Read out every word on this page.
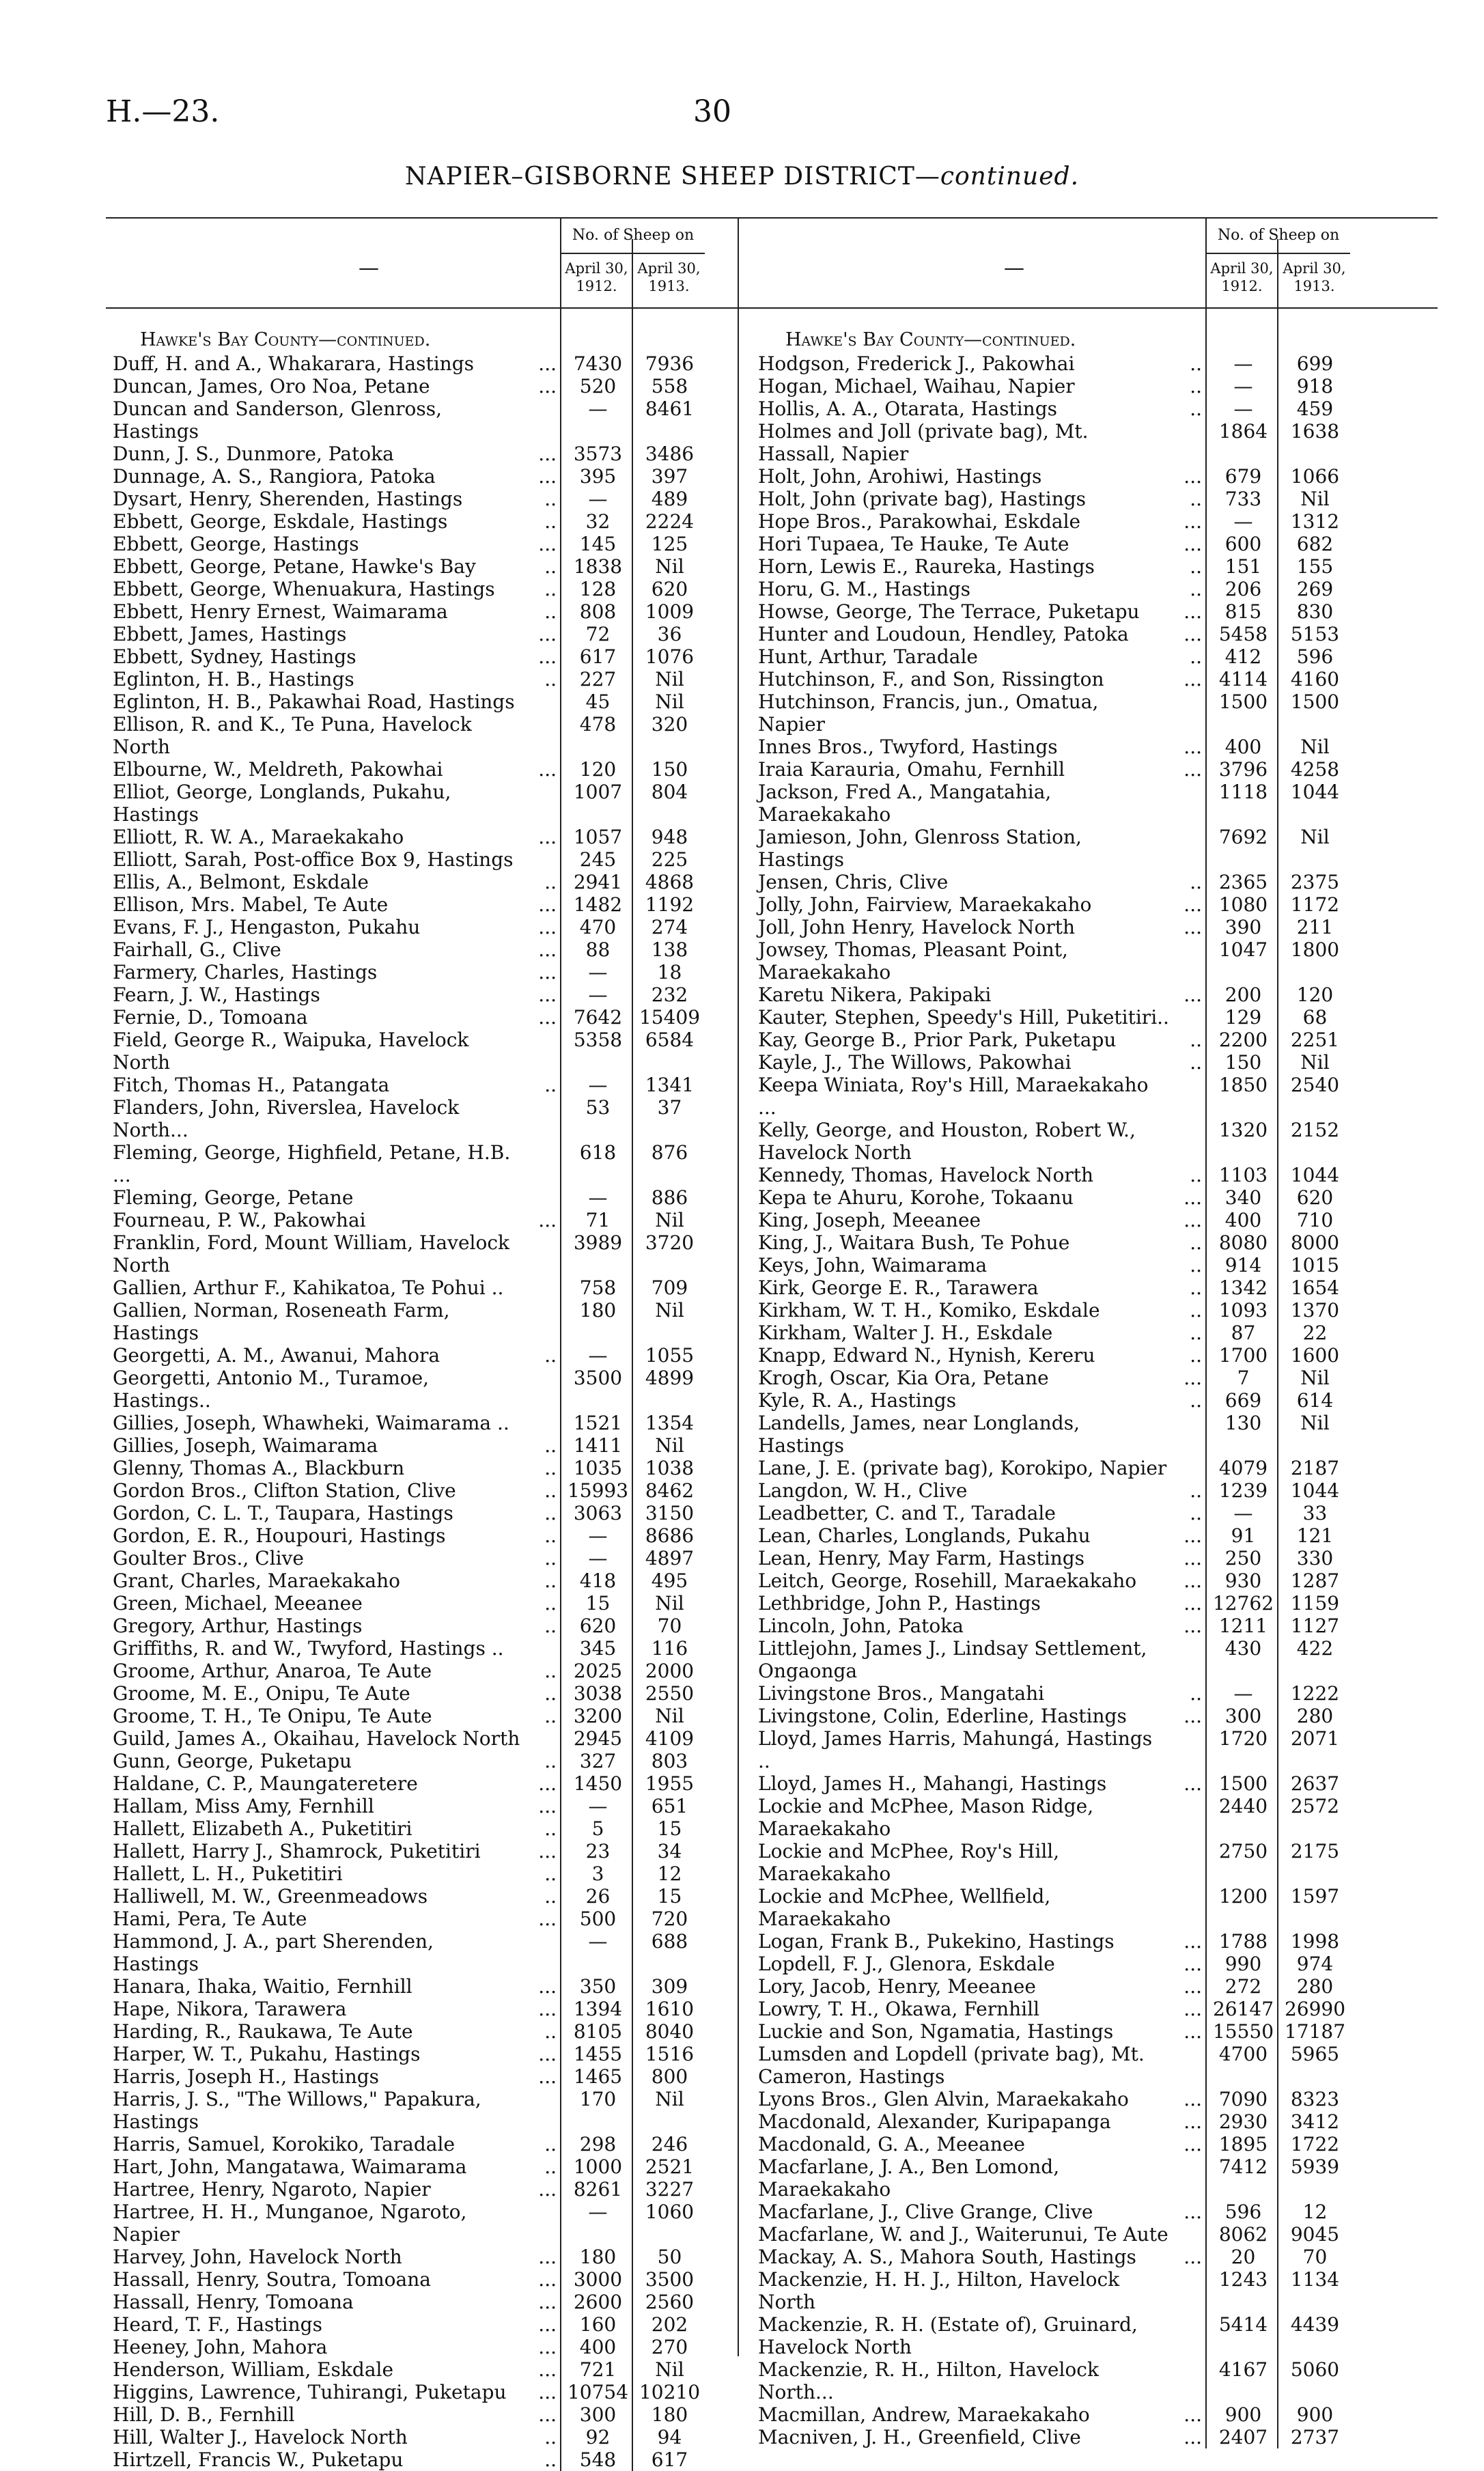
H.—23.	30
NAPIER–GISBORNE SHEEP DISTRICT—continued.
—
No. of Sheep on
April 30, 1912.
April 30, 1913.
Hawke's Bay County—continued.
Duff, H. and A., Whakarara, Hastings	... 7430	7936
Duncan, James, Oro Noa, Petane	...	520	558
Duncan and Sanderson, Glenross, Hastings
—	8461
Dunn, J. S., Dunmore, Patoka	... 3573	3486
Dunnage, A. S., Rangiora, Patoka	...	395	397
Dysart, Henry, Sherenden, Hastings	..	—	489
Ebbett, George, Eskdale, Hastings	..	32	2224
Ebbett, George, Hastings	...	145	125
Ebbett, George, Petane, Hawke's Bay	.. 1838	Nil
Ebbett, George, Whenuakura, Hastings	..	128	620
Ebbett, Henry Ernest, Waimarama	..	808	1009
Ebbett, James, Hastings	...	72	36
Ebbett, Sydney, Hastings	...	617	1076
Eglinton, H. B., Hastings	..	227	Nil
Eglinton, H. B., Pakawhai Road, Hastings	45	Nil
Ellison, R. and K., Te Puna, Havelock North
478	320
Elbourne, W., Meldreth, Pakowhai	...	120	150
Elliot, George, Longlands, Pukahu, Hastings
1007	804
Elliott, R. W. A., Maraekakaho	... 1057	948
Elliott, Sarah, Post-office Box 9, Hastings	245	225
Ellis, A., Belmont, Eskdale	.. 2941	4868
Ellison, Mrs. Mabel, Te Aute	... 1482	1192
Evans, F. J., Hengaston, Pukahu	...	470	274
Fairhall, G., Clive	...	88	138
Farmery, Charles, Hastings	...	—	18
Fearn, J. W., Hastings	...	—	232
Fernie, D., Tomoana	... 7642 15409
Field, George R., Waipuka, Havelock North
5358	6584
Fitch, Thomas H., Patangata	..	—	1341
Flanders, John, Riverslea, Havelock North...
53	37
Fleming, George, Highfield, Petane, H.B. ...
618	876
Fleming, George, Petane	—	886
Fourneau, P. W., Pakowhai	...	71	Nil
Franklin, Ford, Mount William, Havelock North
3989	3720
Gallien, Arthur F., Kahikatoa, Te Pohui ..	758	709
Gallien, Norman, Roseneath Farm, Hastings
180	Nil
Georgetti, A. M., Awanui, Mahora	..	—	1055
Georgetti, Antonio M., Turamoe, Hastings..
3500	4899
Gillies, Joseph, Whawheki, Waimarama ..	1521	1354
Gillies, Joseph, Waimarama	.. 1411	Nil
Glenny, Thomas A., Blackburn	.. 1035	1038
Gordon Bros., Clifton Station, Clive	.. 15993 8462
Gordon, C. L. T., Taupara, Hastings	.. 3063	3150
Gordon, E. R., Houpouri, Hastings	..	—	8686
Goulter Bros., Clive	..	—	4897
Grant, Charles, Maraekakaho	..	418	495
Green, Michael, Meeanee	..	15	Nil
Gregory, Arthur, Hastings	..	620	70
Griffiths, R. and W., Twyford, Hastings ..	345	116
Groome, Arthur, Anaroa, Te Aute	.. 2025	2000
Groome, M. E., Onipu, Te Aute	.. 3038	2550
Groome, T. H., Te Onipu, Te Aute	.. 3200	Nil
Guild, James A., Okaihau, Havelock North	2945	4109
Gunn, George, Puketapu	..	327	803
Haldane, C. P., Maungateretere	... 1450	1955
Hallam, Miss Amy, Fernhill	...	—	651
Hallett, Elizabeth A., Puketitiri	..	5	15
Hallett, Harry J., Shamrock, Puketitiri	...	23	34
Hallett, L. H., Puketitiri	..	3	12
Halliwell, M. W., Greenmeadows	..	26	15
Hami, Pera, Te Aute	...	500	720
Hammond, J. A., part Sherenden, Hastings
—	688
Hanara, Ihaka, Waitio, Fernhill	...	350	309
Hape, Nikora, Tarawera	... 1394	1610
Harding, R., Raukawa, Te Aute	.. 8105	8040
Harper, W. T., Pukahu, Hastings	... 1455	1516
Harris, Joseph H., Hastings	... 1465	800
Harris, J. S., "The Willows," Papakura, Hastings
170	Nil
Harris, Samuel, Korokiko, Taradale	..	298	246
Hart, John, Mangatawa, Waimarama	.. 1000	2521
Hartree, Henry, Ngaroto, Napier	... 8261	3227
Hartree, H. H., Munganoe, Ngaroto, Napier
—	1060
Harvey, John, Havelock North	...	180	50
Hassall, Henry, Soutra, Tomoana	... 3000	3500
Hassall, Henry, Tomoana	... 2600	2560
Heard, T. F., Hastings	...	160	202
Heeney, John, Mahora	...	400	270
Henderson, William, Eskdale	...	721	Nil
Higgins, Lawrence, Tuhirangi, Puketapu	... 10754 10210
Hill, D. B., Fernhill	...	300	180
Hill, Walter J., Havelock North	..	92	94
Hirtzell, Francis W., Puketapu	..	548	617
—
No. of Sheep on
April 30, 1912.
April 30, 1913.
Hawke's Bay County—continued.
Hodgson, Frederick J., Pakowhai	..	—	699
Hogan, Michael, Waihau, Napier	..	—	918
Hollis, A. A., Otarata, Hastings	..	—	459
Holmes and Joll (private bag), Mt. Hassall, Napier
1864	1638
Holt, John, Arohiwi, Hastings	...	679	1066
Holt, John (private bag), Hastings	..	733	Nil
Hope Bros., Parakowhai, Eskdale	...	—	1312
Hori Tupaea, Te Hauke, Te Aute	...	600	682
Horn, Lewis E., Raureka, Hastings	..	151	155
Horu, G. M., Hastings	..	206	269
Howse, George, The Terrace, Puketapu	...	815	830
Hunter and Loudoun, Hendley, Patoka	... 5458	5153
Hunt, Arthur, Taradale	..	412	596
Hutchinson, F., and Son, Rissington	... 4114	4160
Hutchinson, Francis, jun., Omatua, Napier
1500	1500
Innes Bros., Twyford, Hastings	...	400	Nil
Iraia Karauria, Omahu, Fernhill	... 3796	4258
Jackson, Fred A., Mangatahia, Maraekakaho
1118	1044
Jamieson, John, Glenross Station, Hastings
7692	Nil
Jensen, Chris, Clive	.. 2365	2375
Jolly, John, Fairview, Maraekakaho	... 1080	1172
Joll, John Henry, Havelock North	...	390	211
Jowsey, Thomas, Pleasant Point, Maraekakaho
1047	1800
Karetu Nikera, Pakipaki	...	200	120
Kauter, Stephen, Speedy's Hill, Puketitiri..	129	68
Kay, George B., Prior Park, Puketapu	.. 2200	2251
Kayle, J., The Willows, Pakowhai	..	150	Nil
Keepa Winiata, Roy's Hill, Maraekakaho ...
1850	2540
Kelly, George, and Houston, Robert W., Havelock North
1320	2152
Kennedy, Thomas, Havelock North	.. 1103	1044
Kepa te Ahuru, Korohe, Tokaanu	...	340	620
King, Joseph, Meeanee	...	400	710
King, J., Waitara Bush, Te Pohue	.. 8080	8000
Keys, John, Waimarama	..	914	1015
Kirk, George E. R., Tarawera	.. 1342	1654
Kirkham, W. T. H., Komiko, Eskdale	.. 1093	1370
Kirkham, Walter J. H., Eskdale	..	87	22
Knapp, Edward N., Hynish, Kereru	.. 1700	1600
Krogh, Oscar, Kia Ora, Petane	...	7	Nil
Kyle, R. A., Hastings	..	669	614
Landells, James, near Longlands, Hastings
130	Nil
Lane, J. E. (private bag), Korokipo, Napier	4079	2187
Langdon, W. H., Clive	.. 1239	1044
Leadbetter, C. and T., Taradale	..	—	33
Lean, Charles, Longlands, Pukahu	...	91	121
Lean, Henry, May Farm, Hastings	...	250	330
Leitch, George, Rosehill, Maraekakaho	...	930	1287
Lethbridge, John P., Hastings	... 12762 1159
Lincoln, John, Patoka	... 1211	1127
Littlejohn, James J., Lindsay Settlement, Ongaonga
430	422
Livingstone Bros., Mangatahi	..	—	1222
Livingstone, Colin, Ederline, Hastings	...	300	280
Lloyd, James Harris, Mahungá, Hastings ..
1720	2071
Lloyd, James H., Mahangi, Hastings	... 1500	2637
Lockie and McPhee, Mason Ridge, Maraekakaho
2440	2572
Lockie and McPhee, Roy's Hill, Maraekakaho
2750	2175
Lockie and McPhee, Wellfield, Maraekakaho
1200	1597
Logan, Frank B., Pukekino, Hastings	... 1788	1998
Lopdell, F. J., Glenora, Eskdale	...	990	974
Lory, Jacob, Henry, Meeanee	...	272	280
Lowry, T. H., Okawa, Fernhill	... 26147 26990
Luckie and Son, Ngamatia, Hastings	... 15550 17187
Lumsden and Lopdell (private bag), Mt. Cameron, Hastings
4700	5965
Lyons Bros., Glen Alvin, Maraekakaho	... 7090	8323
Macdonald, Alexander, Kuripapanga	... 2930	3412
Macdonald, G. A., Meeanee	... 1895	1722
Macfarlane, J. A., Ben Lomond, Maraekakaho
7412	5939
Macfarlane, J., Clive Grange, Clive	...	596	12
Macfarlane, W. and J., Waiterunui, Te Aute	8062	9045
Mackay, A. S., Mahora South, Hastings	...	20	70
Mackenzie, H. H. J., Hilton, Havelock North
1243	1134
Mackenzie, R. H. (Estate of), Gruinard, Havelock North
5414	4439
Mackenzie, R. H., Hilton, Havelock North...
4167	5060
Macmillan, Andrew, Maraekakaho	...	900	900
Macniven, J. H., Greenfield, Clive	... 2407	2737
